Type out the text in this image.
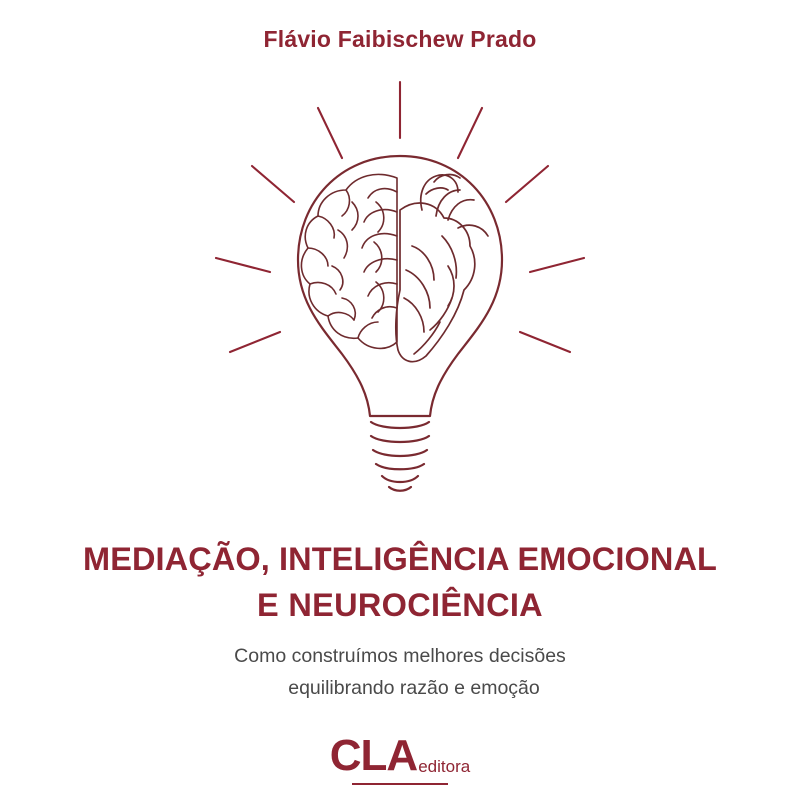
Flávio Faibischew Prado
MEDIAÇÃO, INTELIGÊNCIA EMOCIONAL
E NEUROCIÊNCIA
Como construímos melhores decisões
equilibrando razão e emoção
CLA editora
